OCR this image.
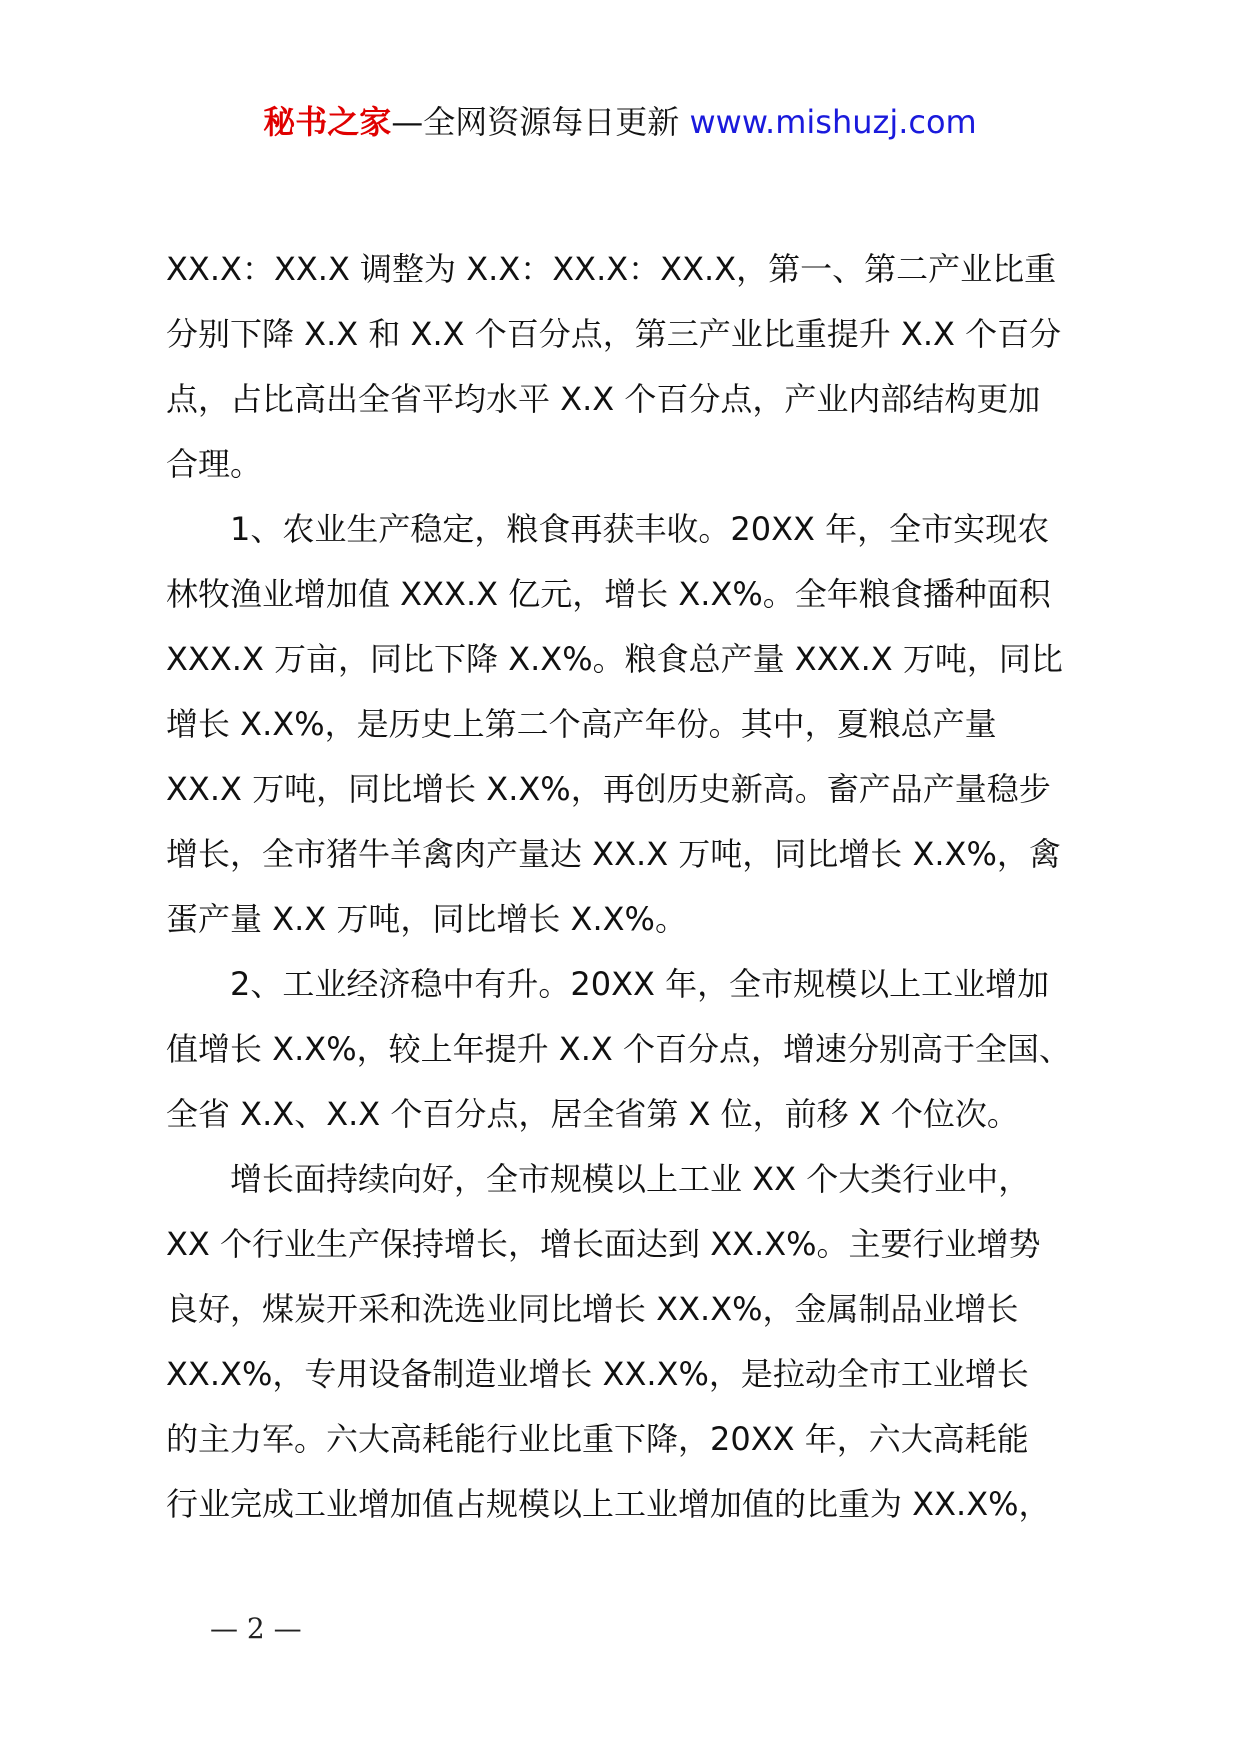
秘书之家—全网资源每日更新 www.mishuzj.com
XX.X：XX.X 调整为 X.X：XX.X：XX.X，第一、第二产业比重
分别下降 X.X 和 X.X 个百分点，第三产业比重提升 X.X 个百分
点，占比高出全省平均水平 X.X 个百分点，产业内部结构更加
合理。
　　1、农业生产稳定，粮食再获丰收。20XX 年，全市实现农
林牧渔业增加值 XXX.X 亿元，增长 X.X%。全年粮食播种面积
XXX.X 万亩，同比下降 X.X%。粮食总产量 XXX.X 万吨，同比
增长 X.X%，是历史上第二个高产年份。其中，夏粮总产量
XX.X 万吨，同比增长 X.X%，再创历史新高。畜产品产量稳步
增长，全市猪牛羊禽肉产量达 XX.X 万吨，同比增长 X.X%，禽
蛋产量 X.X 万吨，同比增长 X.X%。
　　2、工业经济稳中有升。20XX 年，全市规模以上工业增加
值增长 X.X%，较上年提升 X.X 个百分点，增速分别高于全国、
全省 X.X、X.X 个百分点，居全省第 X 位，前移 X 个位次。
　　增长面持续向好，全市规模以上工业 XX 个大类行业中，
XX 个行业生产保持增长，增长面达到 XX.X%。主要行业增势
良好，煤炭开采和洗选业同比增长 XX.X%，金属制品业增长
XX.X%，专用设备制造业增长 XX.X%，是拉动全市工业增长
的主力军。六大高耗能行业比重下降，20XX 年，六大高耗能
行业完成工业增加值占规模以上工业增加值的比重为 XX.X%，
— 2 —
